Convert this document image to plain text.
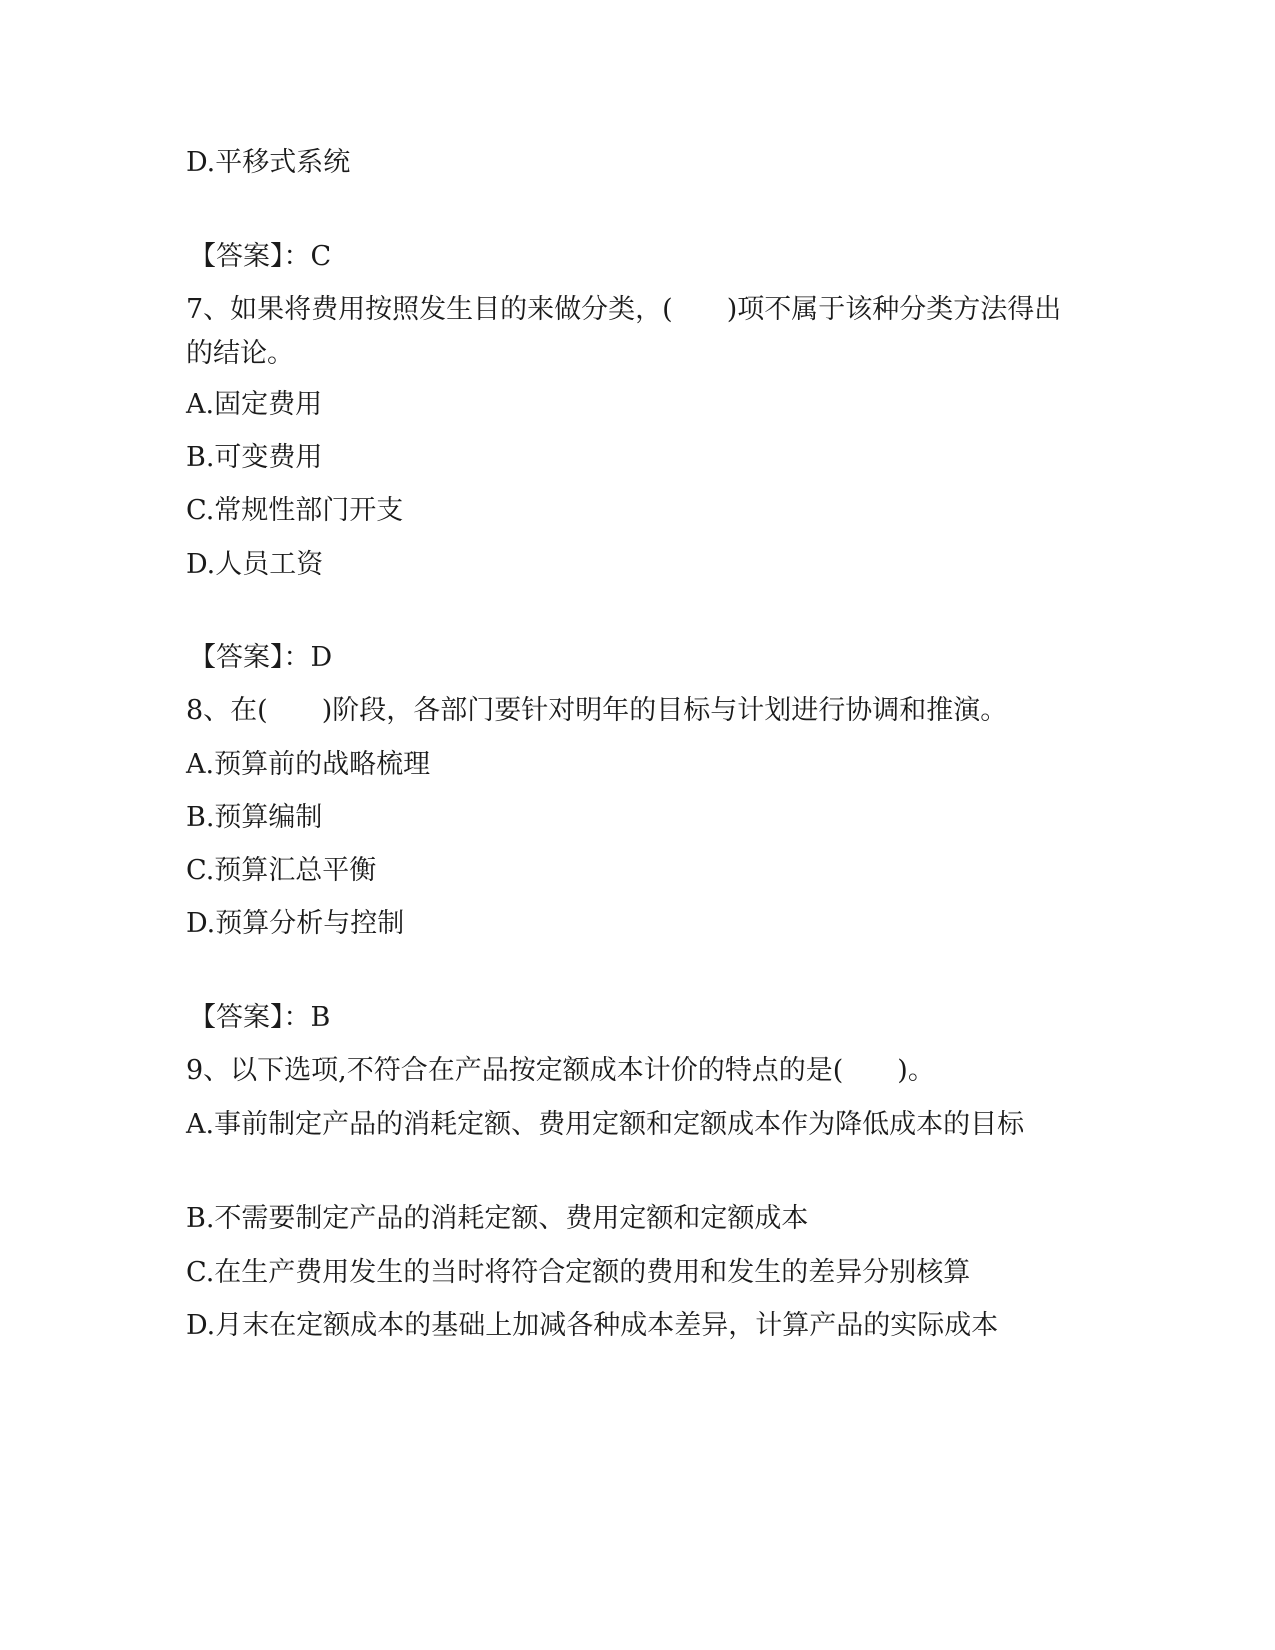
D.平移式系统
【答案】：C
7、如果将费用按照发生目的来做分类，(　　)项不属于该种分类方法得出的结论。
A.固定费用
B.可变费用
C.常规性部门开支
D.人员工资
【答案】：D
8、在(　　)阶段，各部门要针对明年的目标与计划进行协调和推演。
A.预算前的战略梳理
B.预算编制
C.预算汇总平衡
D.预算分析与控制
【答案】：B
9、以下选项,不符合在产品按定额成本计价的特点的是(　　)。
A.事前制定产品的消耗定额、费用定额和定额成本作为降低成本的目标
B.不需要制定产品的消耗定额、费用定额和定额成本
C.在生产费用发生的当时将符合定额的费用和发生的差异分别核算
D.月末在定额成本的基础上加减各种成本差异，计算产品的实际成本
